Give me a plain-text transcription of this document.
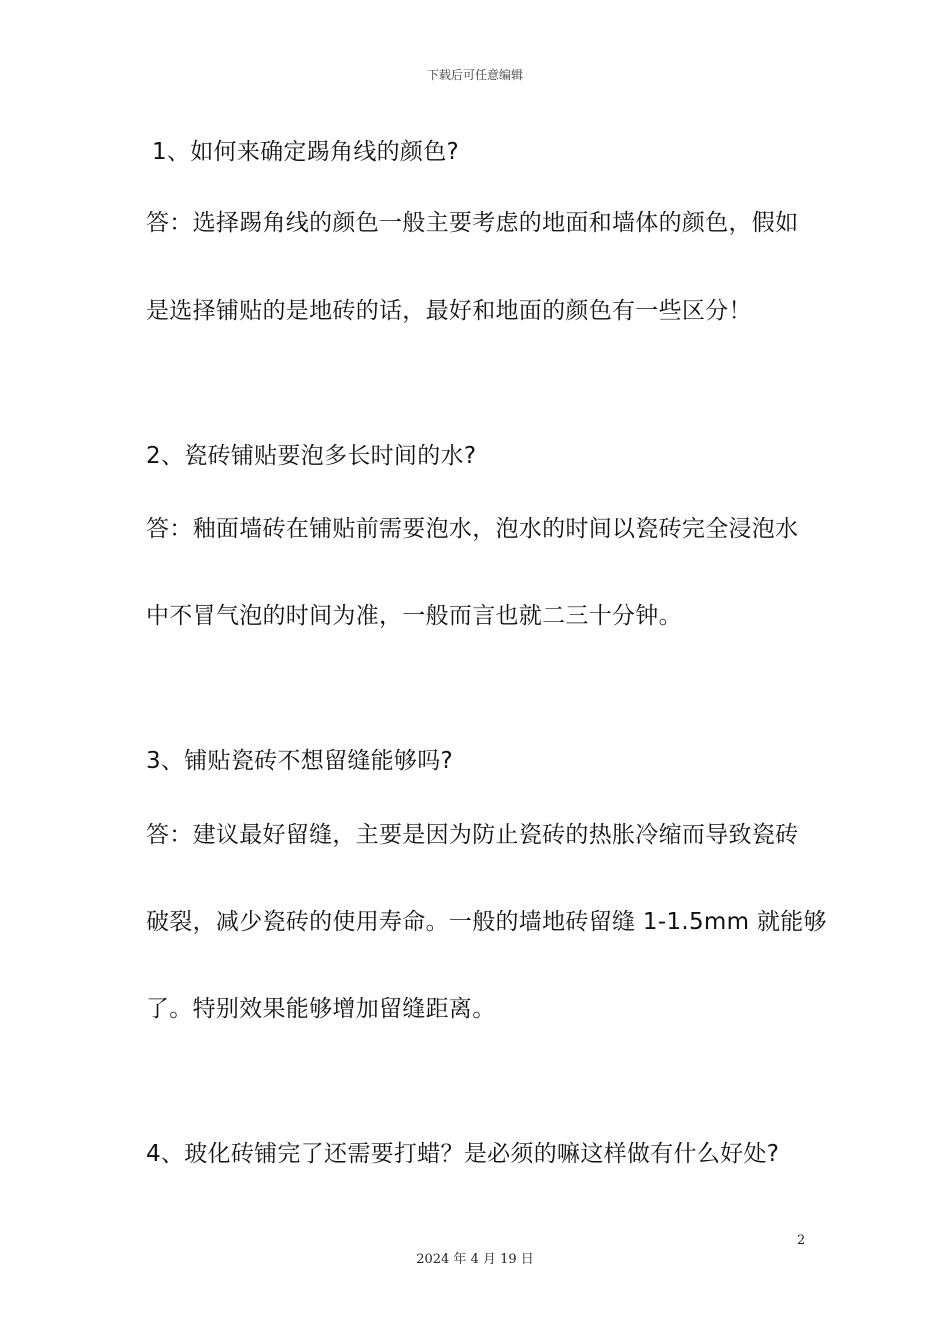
下载后可任意编辑
1、如何来确定踢角线的颜色?
答：选择踢角线的颜色一般主要考虑的地面和墙体的颜色，假如
是选择铺贴的是地砖的话，最好和地面的颜色有一些区分！
2、瓷砖铺贴要泡多长时间的水?
答：釉面墙砖在铺贴前需要泡水，泡水的时间以瓷砖完全浸泡水
中不冒气泡的时间为准，一般而言也就二三十分钟。
3、铺贴瓷砖不想留缝能够吗?
答：建议最好留缝，主要是因为防止瓷砖的热胀冷缩而导致瓷砖
破裂，减少瓷砖的使用寿命。一般的墙地砖留缝 1-1.5mm 就能够
了。特别效果能够增加留缝距离。
4、玻化砖铺完了还需要打蜡？是必须的嘛这样做有什么好处?
2
2024 年 4 月 19 日
